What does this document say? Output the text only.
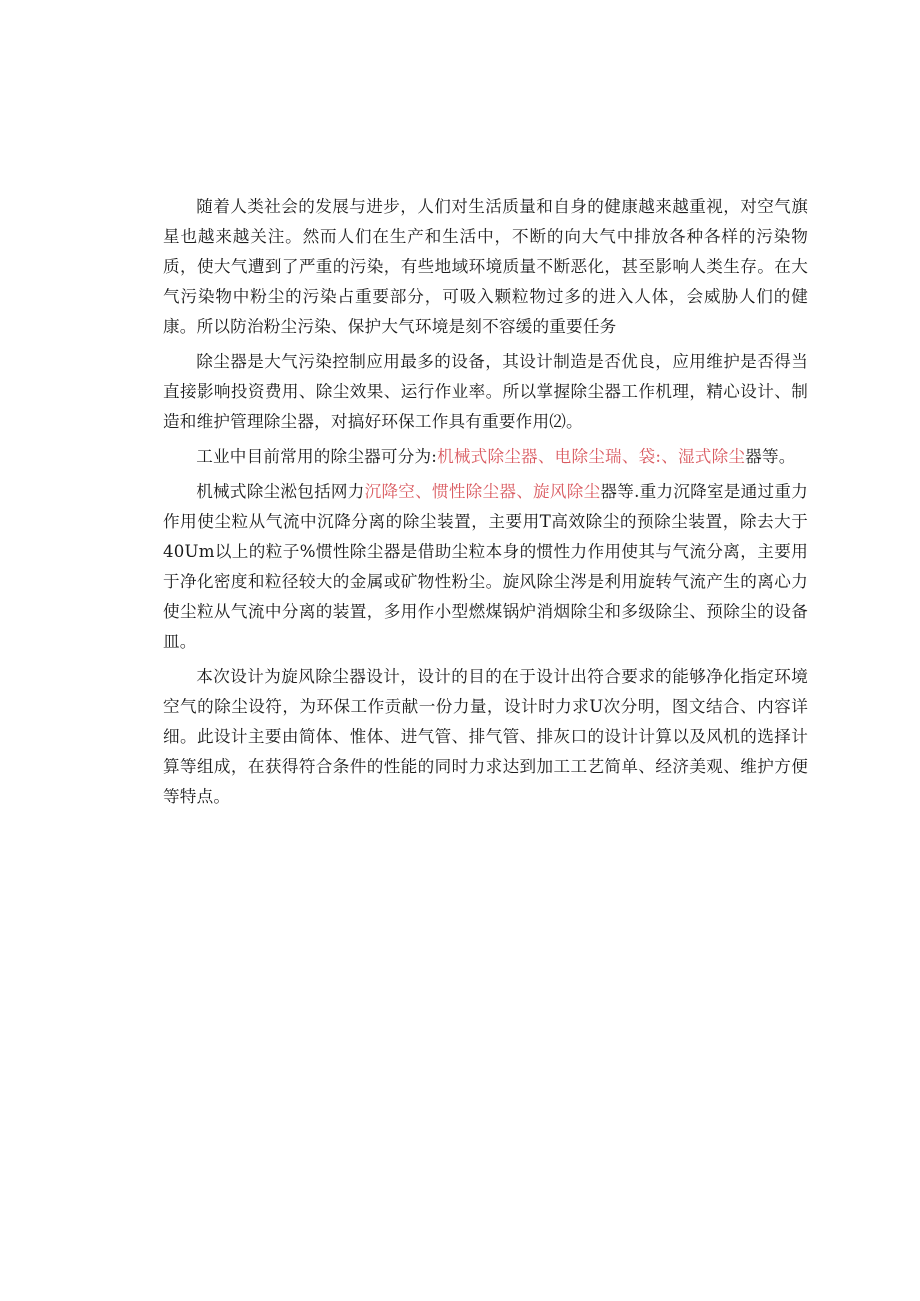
随着人类社会的发展与进步，人们对生活质量和自身的健康越来越重视，对空气旗星也越来越关注。然而人们在生产和生活中，不断的向大气中排放各种各样的污染物质，使大气遭到了严重的污染，有些地域环境质量不断恶化，甚至影响人类生存。在大气污染物中粉尘的污染占重要部分，可吸入颗粒物过多的进入人体，会威胁人们的健康。所以防治粉尘污染、保护大气环境是刻不容缓的重要任务

除尘器是大气污染控制应用最多的设备，其设计制造是否优良，应用维护是否得当直接影响投资费用、除尘效果、运行作业率。所以掌握除尘器工作机理，精心设计、制造和维护管理除尘器，对搞好环保工作具有重要作用⑵。

工业中目前常用的除尘器可分为:机械式除尘器、电除尘瑞、袋:、湿式除尘器等。

机械式除尘淞包括网力沉降空、惯性除尘器、旋风除尘器等.重力沉降室是通过重力作用使尘粒从气流中沉降分离的除尘装置，主要用T高效除尘的预除尘装置，除去大于40Um以上的粒子%惯性除尘器是借助尘粒本身的惯性力作用使其与气流分离，主要用于净化密度和粒径较大的金属或矿物性粉尘。旋风除尘涔是利用旋转气流产生的离心力使尘粒从气流中分离的装置，多用作小型燃煤锅炉消烟除尘和多级除尘、预除尘的设备皿。

本次设计为旋风除尘器设计，设计的目的在于设计出符合要求的能够净化指定环境空气的除尘设符，为环保工作贡献一份力量，设计时力求U次分明，图文结合、内容详细。此设计主要由简体、惟体、进气管、排气管、排灰口的设计计算以及风机的选择计算等组成，在获得符合条件的性能的同时力求达到加工工艺简单、经济美观、维护方便等特点。
